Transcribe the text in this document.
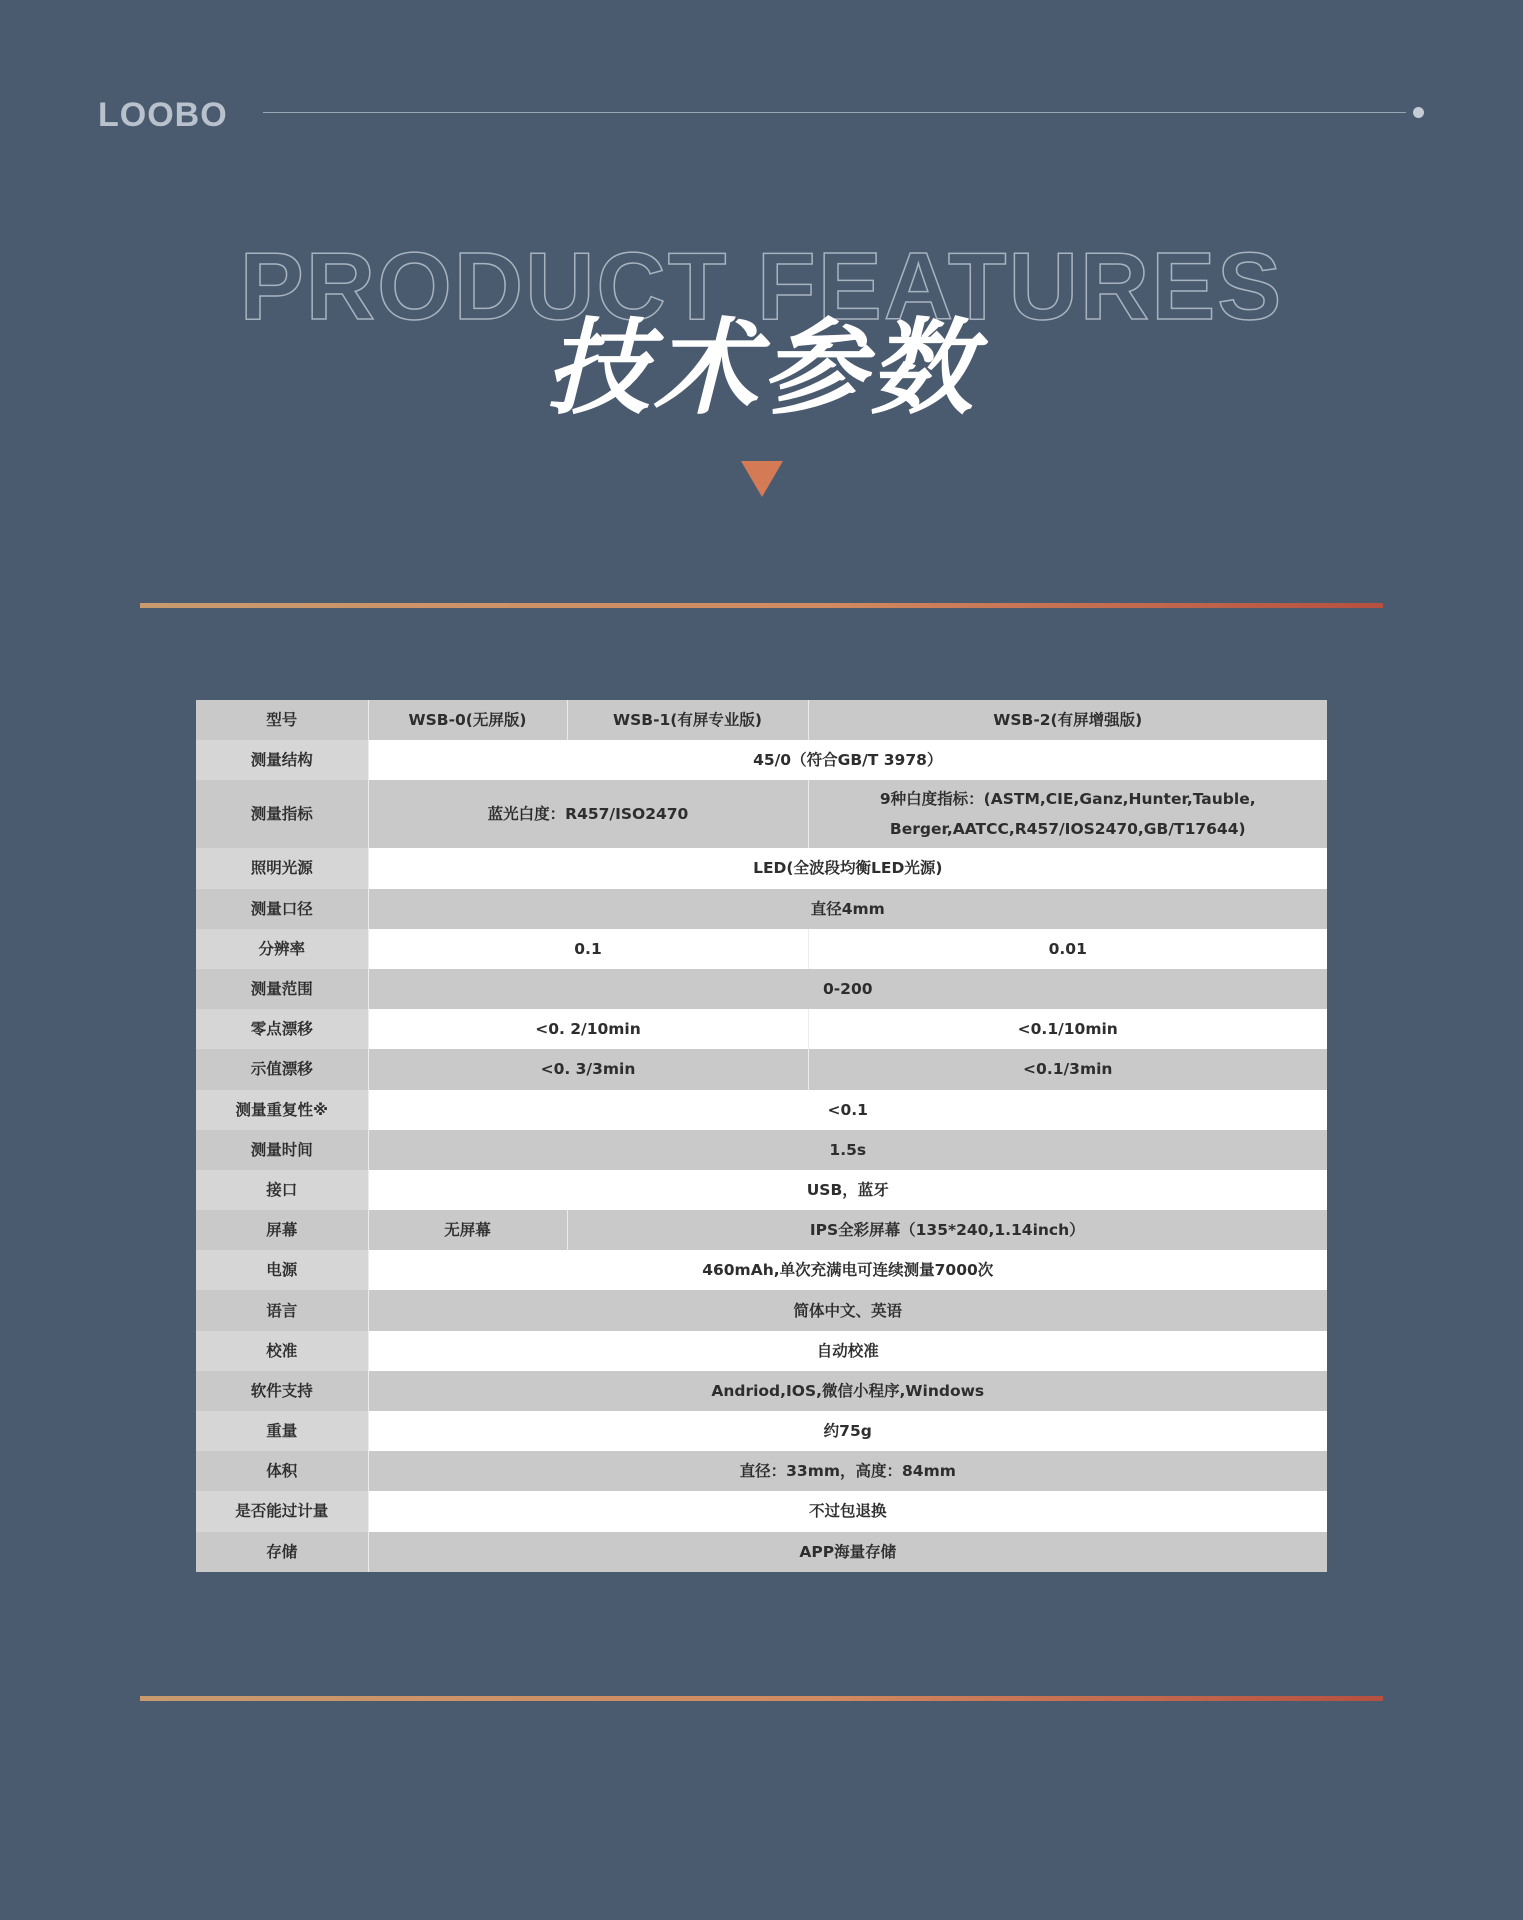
LOOBO
PRODUCT FEATURES
技术参数
型号	WSB-0(无屏版)	WSB-1(有屏专业版)	WSB-2(有屏增强版)
测量结构	45/0（符合GB/T 3978）		
测量指标	蓝光白度：R457/ISO2470		9种白度指标：(ASTM,CIE,Ganz,Hunter,Tauble,
Berger,AATCC,R457/IOS2470,GB/T17644)

照明光源	LED(全波段均衡LED光源)		
测量口径	直径4mm		
分辨率	0.1		0.01
测量范围	0-200		
零点漂移	<0. 2/10min		<0.1/10min
示值漂移	<0. 3/3min		<0.1/3min
测量重复性※	<0.1		
测量时间	1.5s		
接口	USB，蓝牙		
屏幕	无屏幕	IPS全彩屏幕（135*240,1.14inch）	
电源	460mAh,单次充满电可连续测量7000次		
语言	简体中文、英语		
校准	自动校准		
软件支持	Andriod,IOS,微信小程序,Windows		
重量	约75g		
体积	直径：33mm，高度：84mm		
是否能过计量	不过包退换		
存储	APP海量存储		
